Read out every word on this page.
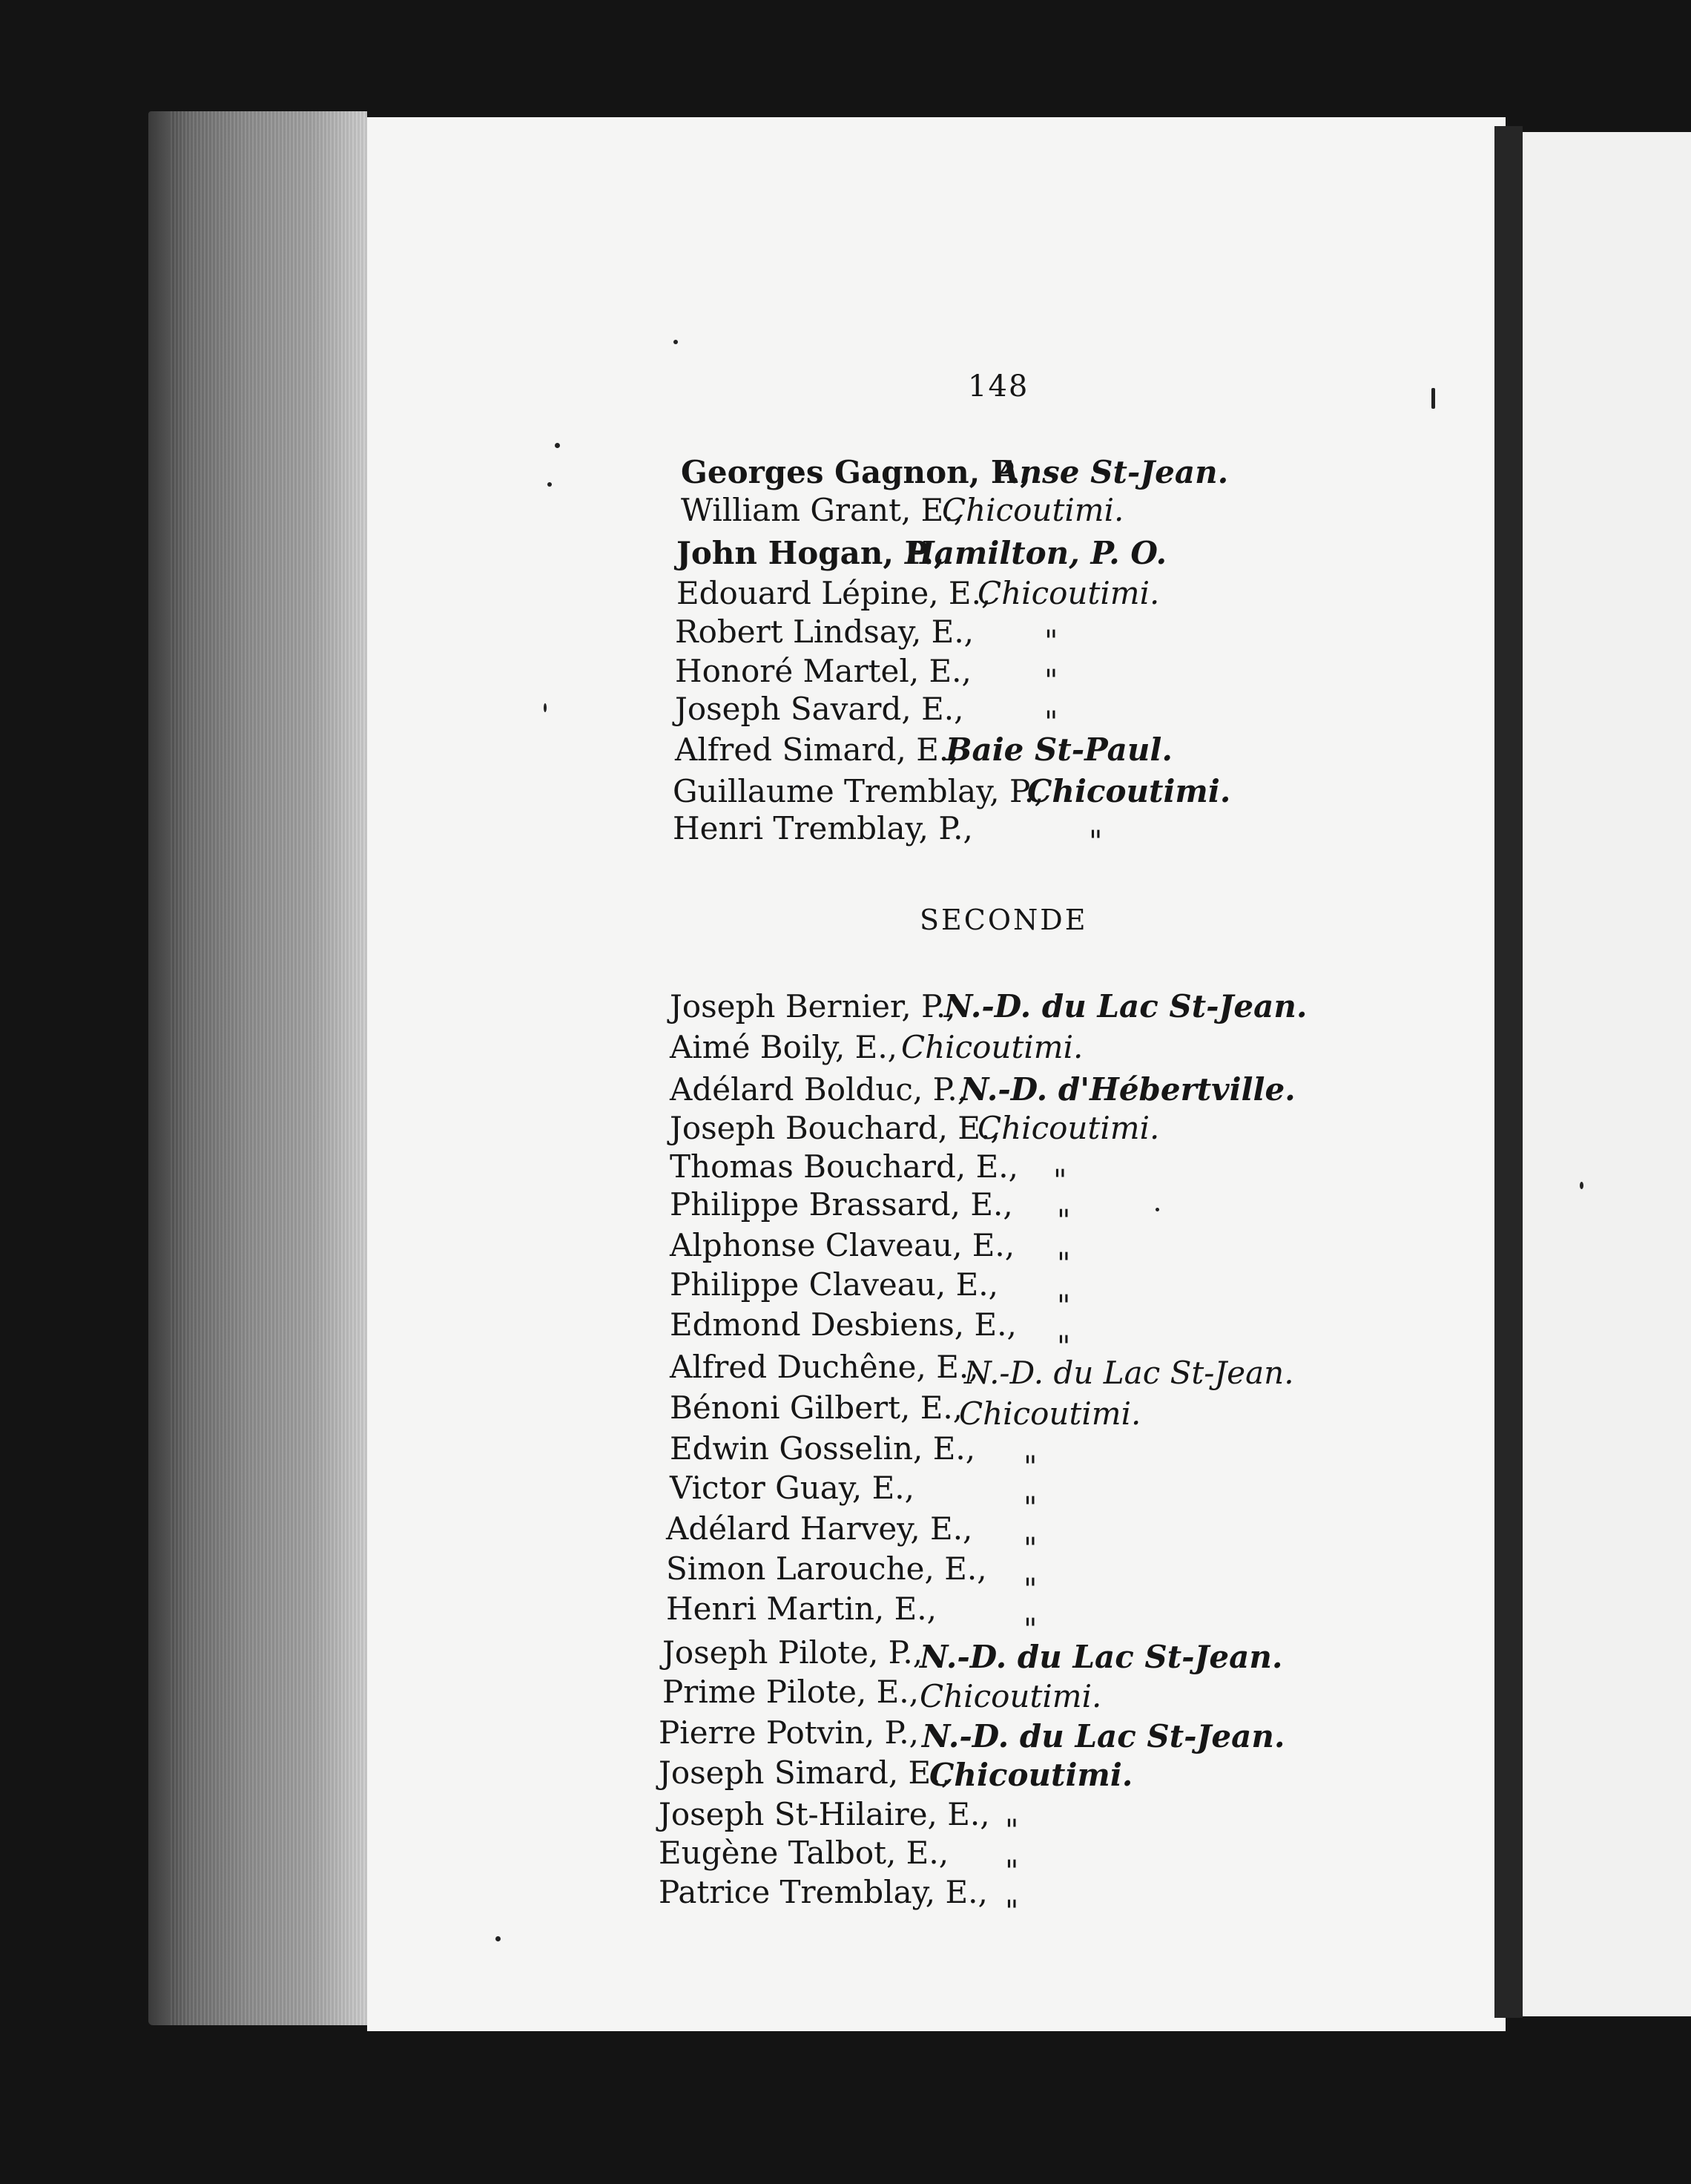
148
Georges Gagnon, P.,
Anse St-Jean.
William Grant, E.,
Chicoutimi.
John Hogan, P.,
Hamilton, P. O.
Edouard Lépine, E.,
Chicoutimi.
Robert Lindsay, E., "
Honoré Martel, E., "
Joseph Savard, E.,	"
Alfred Simard, E.,
Baie St-Paul.
Guillaume Tremblay, P.,
Chicoutimi.
Henri Tremblay, P.,	"
SECONDE
Joseph Bernier, P.,
N.-D. du Lac St-Jean.
Aimé Boily, E., Chicoutimi.
Adélard Bolduc, P.,
N.-D. d'Hébertville.
Joseph Bouchard, E.,
Chicoutimi.
Thomas Bouchard, E., "
Philippe Brassard, E., "
Alphonse Claveau, E.,
"
Philippe Claveau, E.,
"
Edmond Desbiens, E.,
"
Alfred Duchêne, E.,
N.-D. du Lac St-Jean.
Bénoni Gilbert, E.,
Chicoutimi.
Edwin Gosselin, E.,
"
Victor Guay, E.,
"
Adélard Harvey, E.,
"
Simon Larouche, E.,
"
Henri Martin, E.,
"
Joseph Pilote, P.,
N.-D. du Lac St-Jean.
Prime Pilote, E., Chicoutimi.
Pierre Potvin, P., N.-D. du Lac St-Jean.
Joseph Simard, E.,
Chicoutimi.
Joseph St-Hilaire, E., "
Eugène Talbot, E.,
"
Patrice Tremblay, E.,
"
